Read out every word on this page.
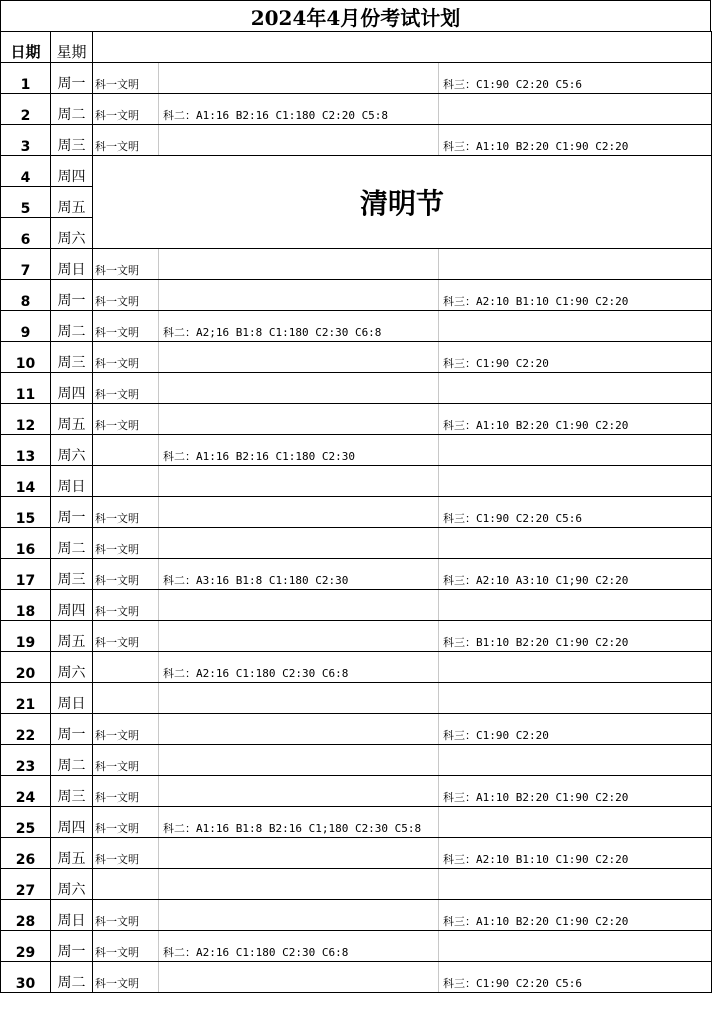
2024年4月份考试计划
日期	星期			
1	周一	科一文明		科三：C1:90 C2:20 C5:6
2	周二	科一文明	科二：A1:16 B2:16 C1:180 C2:20 C5:8	
3	周三	科一文明		科三：A1:10 B2:20 C1:90 C2:20
4	周四	清明节		
5	周五			
6	周六			
7	周日	科一文明		
8	周一	科一文明		科三：A2:10 B1:10 C1:90 C2:20
9	周二	科一文明	科二：A2;16 B1:8 C1:180 C2:30 C6:8	
10	周三	科一文明		科三：C1:90 C2:20
11	周四	科一文明		
12	周五	科一文明		科三：A1:10 B2:20 C1:90 C2:20
13	周六		科二：A1:16 B2:16 C1:180 C2:30	
14	周日			
15	周一	科一文明		科三：C1:90 C2:20 C5:6
16	周二	科一文明		
17	周三	科一文明	科二：A3:16 B1:8 C1:180 C2:30	科三：A2:10 A3:10 C1;90 C2:20
18	周四	科一文明		
19	周五	科一文明		科三：B1:10 B2:20 C1:90 C2:20
20	周六		科二：A2:16 C1:180 C2:30 C6:8	
21	周日			
22	周一	科一文明		科三：C1:90 C2:20
23	周二	科一文明		
24	周三	科一文明		科三：A1:10 B2:20 C1:90 C2:20
25	周四	科一文明	科二：A1:16 B1:8 B2:16 C1;180 C2:30 C5:8	
26	周五	科一文明		科三：A2:10 B1:10 C1:90 C2:20
27	周六			
28	周日	科一文明		科三：A1:10 B2:20 C1:90 C2:20
29	周一	科一文明	科二：A2:16 C1:180 C2:30 C6:8	
30	周二	科一文明		科三：C1:90 C2:20 C5:6
